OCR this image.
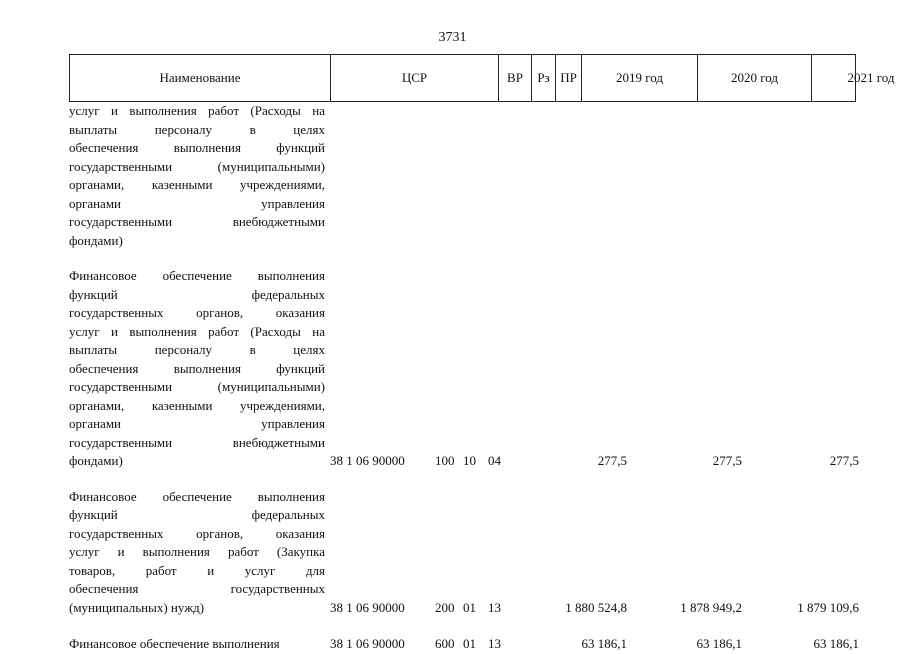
3731
Наименование	ЦСР	ВР	Рз ПР	2019 год	2020 год	2021 год
услуг и выполнения работ (Расходы на
выплаты персоналу в целях
обеспечения выполнения функций
государственными (муниципальными)
органами, казенными учреждениями,
органами управления
государственными внебюджетными
фондами)
Финансовое обеспечение выполнения
функций федеральных
государственных органов, оказания
услуг и выполнения работ (Расходы на
выплаты персоналу в целях
обеспечения выполнения функций
государственными (муниципальными)
органами, казенными учреждениями,
органами управления
государственными внебюджетными
фондами)	38 1 06 90000	100 10 04	277,5	277,5	277,5
Финансовое обеспечение выполнения
функций федеральных
государственных органов, оказания
услуг и выполнения работ (Закупка
товаров, работ и услуг для
обеспечения государственных
(муниципальных) нужд)	38 1 06 90000	200 01 13	1 880 524,8	1 878 949,2	1 879 109,6
Финансовое обеспечение выполнения	38 1 06 90000	600 01 13	63 186,1	63 186,1	63 186,1
